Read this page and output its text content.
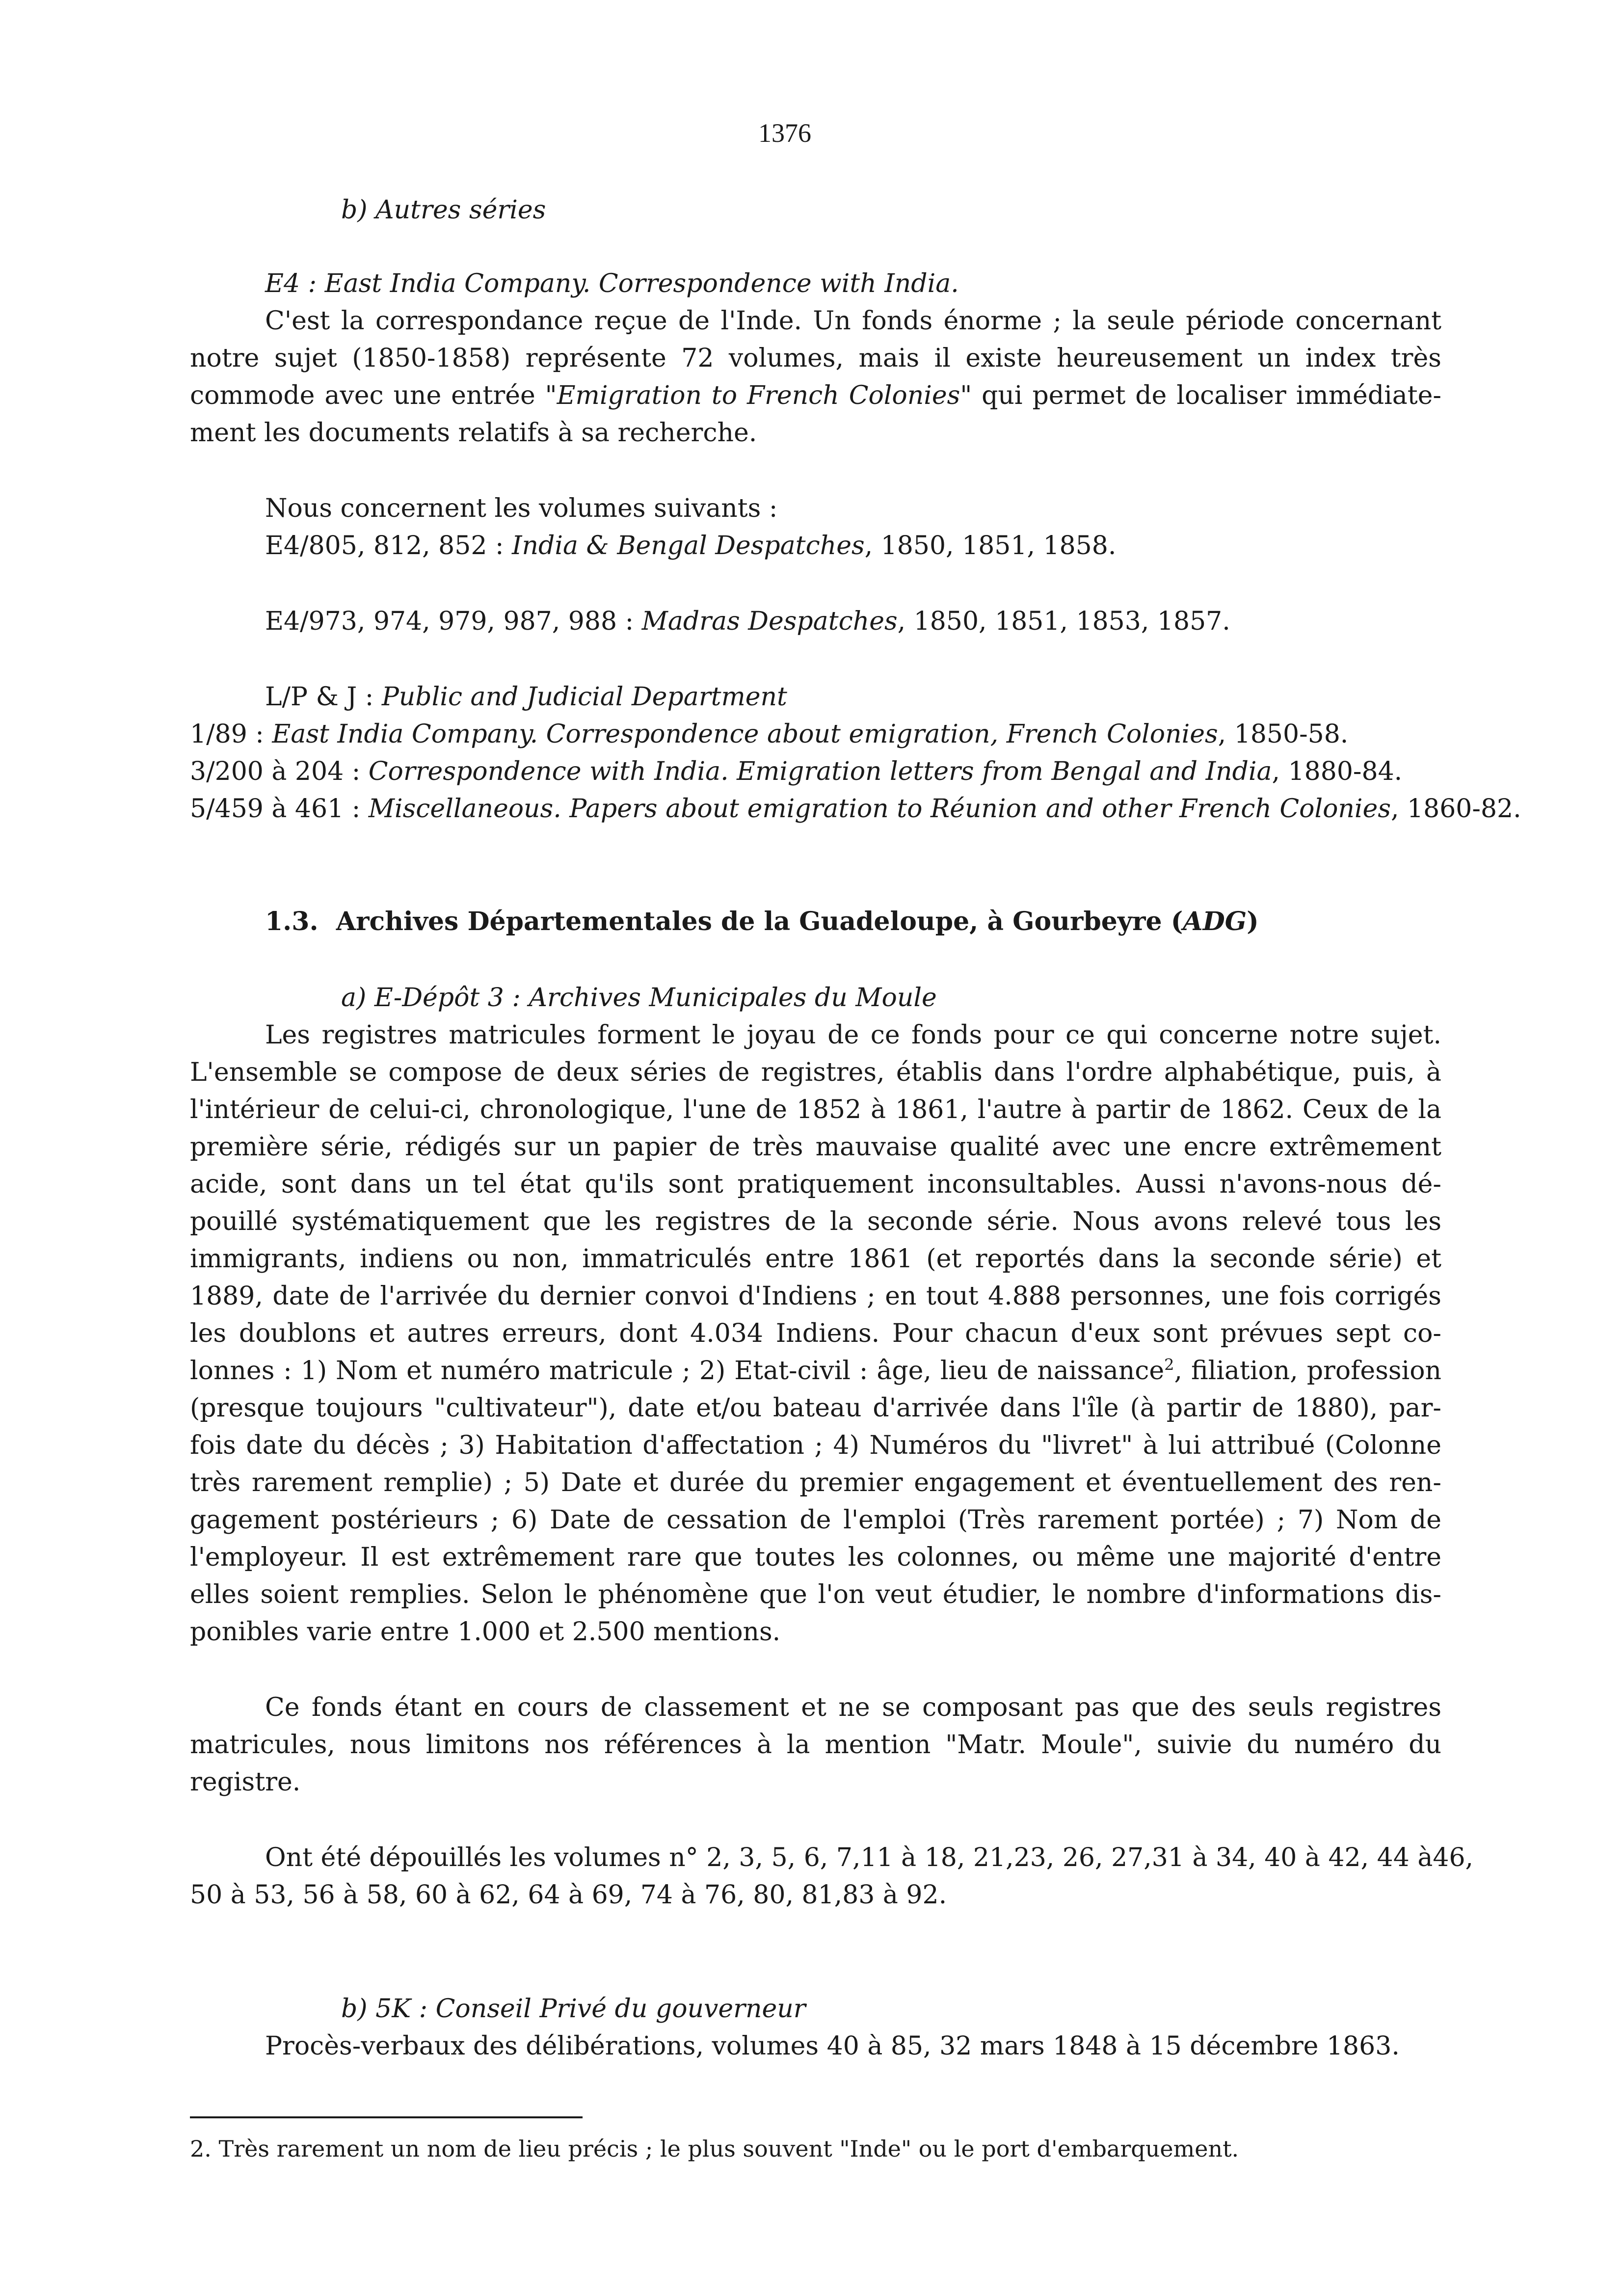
1376
b) Autres séries
E4 : East India Company. Correspondence with India.
C'est la correspondance reçue de l'Inde. Un fonds énorme ; la seule période concernant
notre sujet (1850-1858) représente 72 volumes, mais il existe heureusement un index très
commode avec une entrée "Emigration to French Colonies" qui permet de localiser immédiate-
ment les documents relatifs à sa recherche.
Nous concernent les volumes suivants :
E4/805, 812, 852 : India & Bengal Despatches, 1850, 1851, 1858.
E4/973, 974, 979, 987, 988 : Madras Despatches, 1850, 1851, 1853, 1857.
L/P & J : Public and Judicial Department
1/89 : East India Company. Correspondence about emigration, French Colonies, 1850-58.
3/200 à 204 : Correspondence with India. Emigration letters from Bengal and India, 1880-84.
5/459 à 461 : Miscellaneous. Papers about emigration to Réunion and other French Colonies, 1860-82.
1.3. Archives Départementales de la Guadeloupe, à Gourbeyre (ADG)
a) E-Dépôt 3 : Archives Municipales du Moule
Les registres matricules forment le joyau de ce fonds pour ce qui concerne notre sujet.
L'ensemble se compose de deux séries de registres, établis dans l'ordre alphabétique, puis, à
l'intérieur de celui-ci, chronologique, l'une de 1852 à 1861, l'autre à partir de 1862. Ceux de la
première série, rédigés sur un papier de très mauvaise qualité avec une encre extrêmement
acide, sont dans un tel état qu'ils sont pratiquement inconsultables. Aussi n'avons-nous dé-
pouillé systématiquement que les registres de la seconde série. Nous avons relevé tous les
immigrants, indiens ou non, immatriculés entre 1861 (et reportés dans la seconde série) et
1889, date de l'arrivée du dernier convoi d'Indiens ; en tout 4.888 personnes, une fois corrigés
les doublons et autres erreurs, dont 4.034 Indiens. Pour chacun d'eux sont prévues sept co-
lonnes : 1) Nom et numéro matricule ; 2) Etat-civil : âge, lieu de naissance$^2$, filiation, profession
(presque toujours "cultivateur"), date et/ou bateau d'arrivée dans l'île (à partir de 1880), par-
fois date du décès ; 3) Habitation d'affectation ; 4) Numéros du "livret" à lui attribué (Colonne
très rarement remplie) ; 5) Date et durée du premier engagement et éventuellement des ren-
gagement postérieurs ; 6) Date de cessation de l'emploi (Très rarement portée) ; 7) Nom de
l'employeur. Il est extrêmement rare que toutes les colonnes, ou même une majorité d'entre
elles soient remplies. Selon le phénomène que l'on veut étudier, le nombre d'informations dis-
ponibles varie entre 1.000 et 2.500 mentions.
Ce fonds étant en cours de classement et ne se composant pas que des seuls registres
matricules, nous limitons nos références à la mention "Matr. Moule", suivie du numéro du
registre.
Ont été dépouillés les volumes n° 2, 3, 5, 6, 7,11 à 18, 21,23, 26, 27,31 à 34, 40 à 42, 44 à46,
50 à 53, 56 à 58, 60 à 62, 64 à 69, 74 à 76, 80, 81,83 à 92.
b) 5K : Conseil Privé du gouverneur
Procès-verbaux des délibérations, volumes 40 à 85, 32 mars 1848 à 15 décembre 1863.
2. Très rarement un nom de lieu précis ; le plus souvent "Inde" ou le port d'embarquement.
